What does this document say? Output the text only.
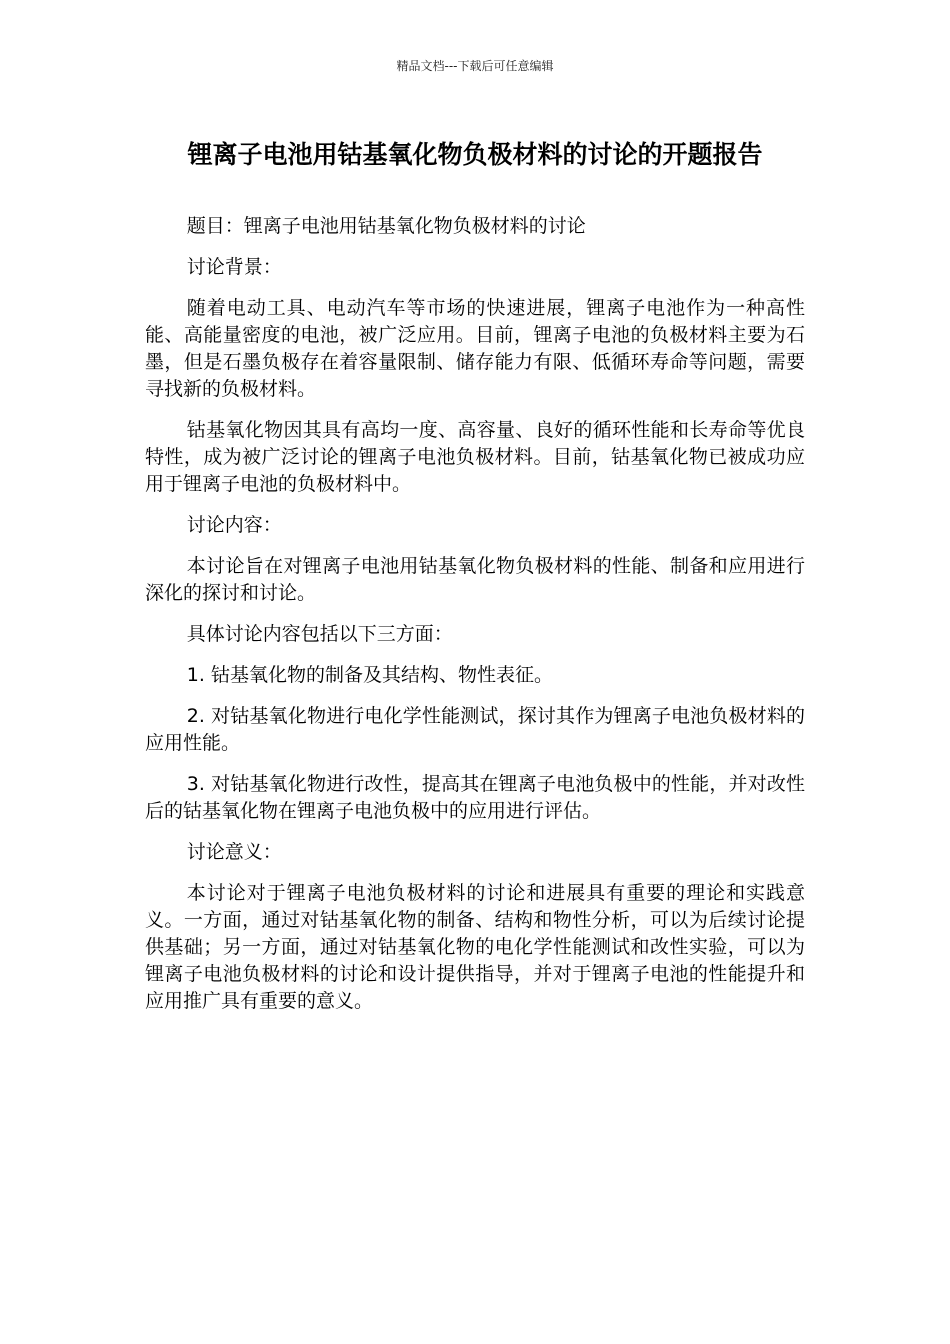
精品文档---下载后可任意编辑
锂离子电池用钴基氧化物负极材料的讨论的开题报告

题目：锂离子电池用钴基氧化物负极材料的讨论

讨论背景：

随着电动工具、电动汽车等市场的快速进展，锂离子电池作为一种高性能、高能量密度的电池，被广泛应用。目前，锂离子电池的负极材料主要为石墨，但是石墨负极存在着容量限制、储存能力有限、低循环寿命等问题，需要寻找新的负极材料。

钴基氧化物因其具有高均一度、高容量、良好的循环性能和长寿命等优良特性，成为被广泛讨论的锂离子电池负极材料。目前，钴基氧化物已被成功应用于锂离子电池的负极材料中。

讨论内容：

本讨论旨在对锂离子电池用钴基氧化物负极材料的性能、制备和应用进行深化的探讨和讨论。

具体讨论内容包括以下三方面：

1. 钴基氧化物的制备及其结构、物性表征。

2. 对钴基氧化物进行电化学性能测试，探讨其作为锂离子电池负极材料的应用性能。

3. 对钴基氧化物进行改性，提高其在锂离子电池负极中的性能，并对改性后的钴基氧化物在锂离子电池负极中的应用进行评估。

讨论意义：

本讨论对于锂离子电池负极材料的讨论和进展具有重要的理论和实践意义。一方面，通过对钴基氧化物的制备、结构和物性分析，可以为后续讨论提供基础；另一方面，通过对钴基氧化物的电化学性能测试和改性实验，可以为锂离子电池负极材料的讨论和设计提供指导，并对于锂离子电池的性能提升和应用推广具有重要的意义。
